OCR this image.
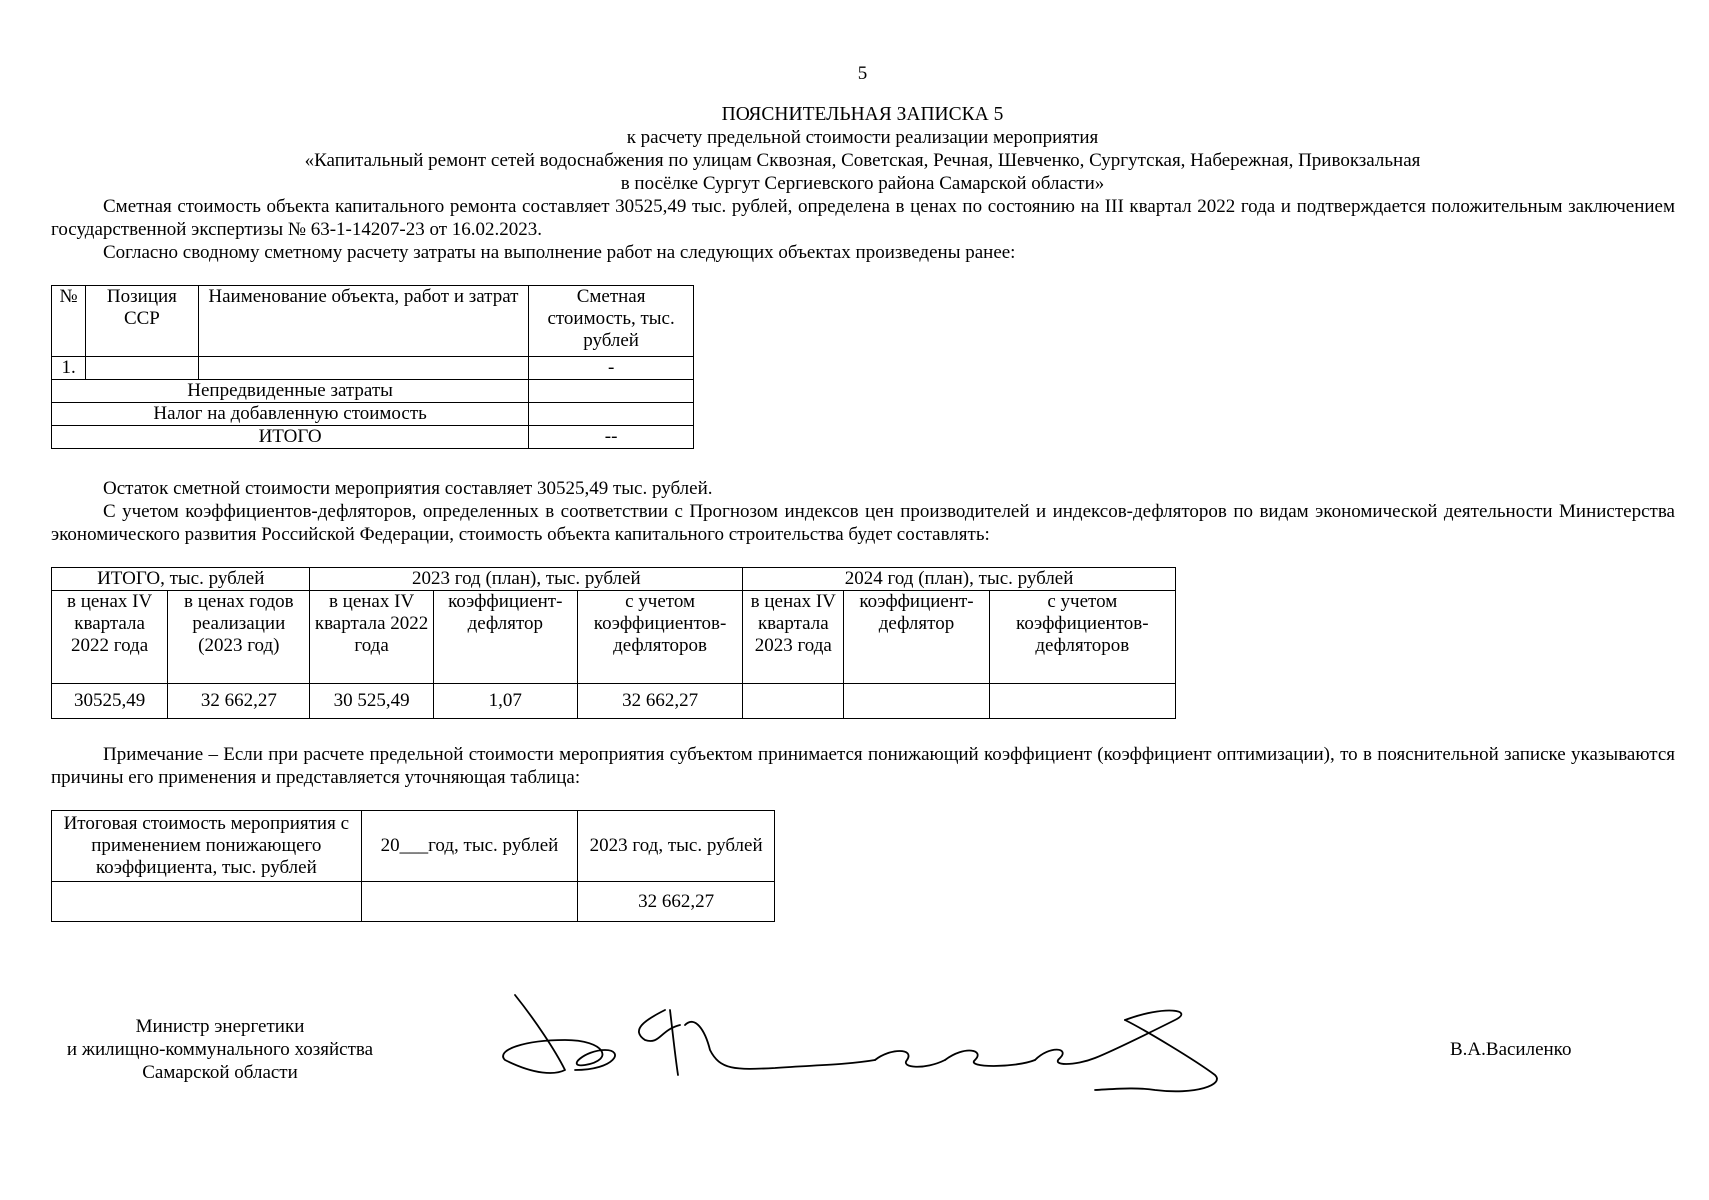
5
ПОЯСНИТЕЛЬНАЯ ЗАПИСКА 5
к расчету предельной стоимости реализации мероприятия
«Капитальный ремонт сетей водоснабжения по улицам Сквозная, Советская, Речная, Шевченко, Сургутская, Набережная, Привокзальная
в посёлке Сургут Сергиевского района Самарской области»

Сметная стоимость объекта капитального ремонта составляет 30525,49 тыс. рублей, определена в ценах по состоянию на III квартал 2022 года и подтверждается положительным заключением государственной экспертизы № 63-1-14207-23 от 16.02.2023.

Согласно сводному сметному расчету затраты на выполнение работ на следующих объектах произведены ранее:

№	Позиция ССР	Наименование объекта, работ и затрат	Сметная стоимость, тыс. рублей
1.			-
Непредвиденные затраты			
Налог на добавленную стоимость			
ИТОГО			--

Остаток сметной стоимости мероприятия составляет 30525,49 тыс. рублей.

С учетом коэффициентов-дефляторов, определенных в соответствии с Прогнозом индексов цен производителей и индексов-дефляторов по видам экономической деятельности Министерства экономического развития Российской Федерации, стоимость объекта капитального строительства будет составлять:

ИТОГО, тыс. рублей		2023 год (план), тыс. рублей			2024 год (план), тыс. рублей		
в ценах IV квартала 2022 года	в ценах годов реализации (2023 год)	в ценах IV квартала 2022 года	коэффициент-дефлятор	с учетом коэффициентов-дефляторов	в ценах IV квартала 2023 года	коэффициент-дефлятор	с учетом коэффициентов-дефляторов
30525,49	32 662,27	30 525,49	1,07	32 662,27			

Примечание – Если при расчете предельной стоимости мероприятия субъектом принимается понижающий коэффициент (коэффициент оптимизации), то в пояснительной записке указываются причины его применения и представляется уточняющая таблица:

Итоговая стоимость мероприятия с применением понижающего коэффициента, тыс. рублей	20___год, тыс. рублей	2023 год, тыс. рублей
		32 662,27
Министр энергетики
и жилищно-коммунального хозяйства
Самарской области
В.А.Василенко
